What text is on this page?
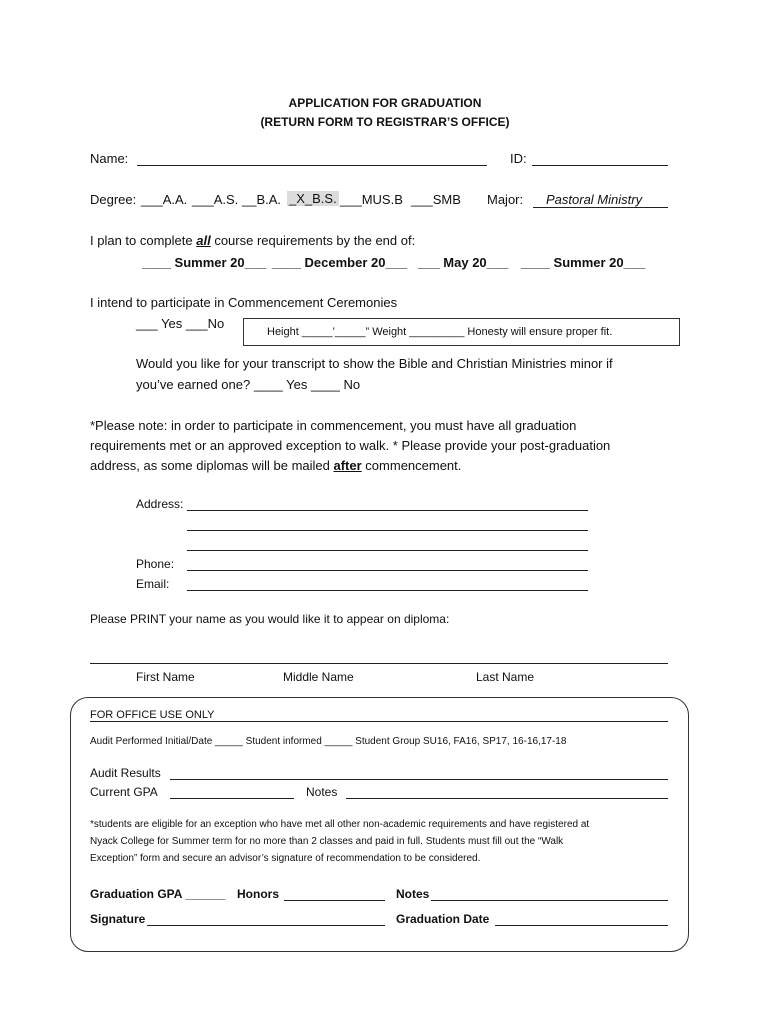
APPLICATION FOR GRADUATION
(RETURN FORM TO REGISTRAR’S OFFICE)
Name:	ID:
Degree: ___A.A. ___A.S. __B.A. _X_B.S. ___MUS.B ___SMB Major: Pastoral Ministry
I plan to complete all course requirements by the end of:
____ Summer 20___ ____ December 20___ ___ May 20___ ____ Summer 20___
I intend to participate in Commencement Ceremonies
___ Yes ___No
Height _____’_____” Weight _________ Honesty will ensure proper fit.
Would you like for your transcript to show the Bible and Christian Ministries minor if
you’ve earned one? ____ Yes ____ No
*Please note: in order to participate in commencement, you must have all graduation
requirements met or an approved exception to walk. * Please provide your post-graduation
address, as some diplomas will be mailed after commencement.
Address:
Phone:
Email:
Please PRINT your name as you would like it to appear on diploma:
First Name	Middle Name	Last Name
FOR OFFICE USE ONLY
Audit Performed Initial/Date _____ Student informed _____ Student Group SU16, FA16, SP17, 16-16,17-18
Audit Results
Current GPA	Notes
*students are eligible for an exception who have met all other non-academic requirements and have registered at
Nyack College for Summer term for no more than 2 classes and paid in full. Students must fill out the “Walk
Exception” form and secure an advisor’s signature of recommendation to be considered.
Graduation GPA ______ Honors	Notes
Signature	Graduation Date
